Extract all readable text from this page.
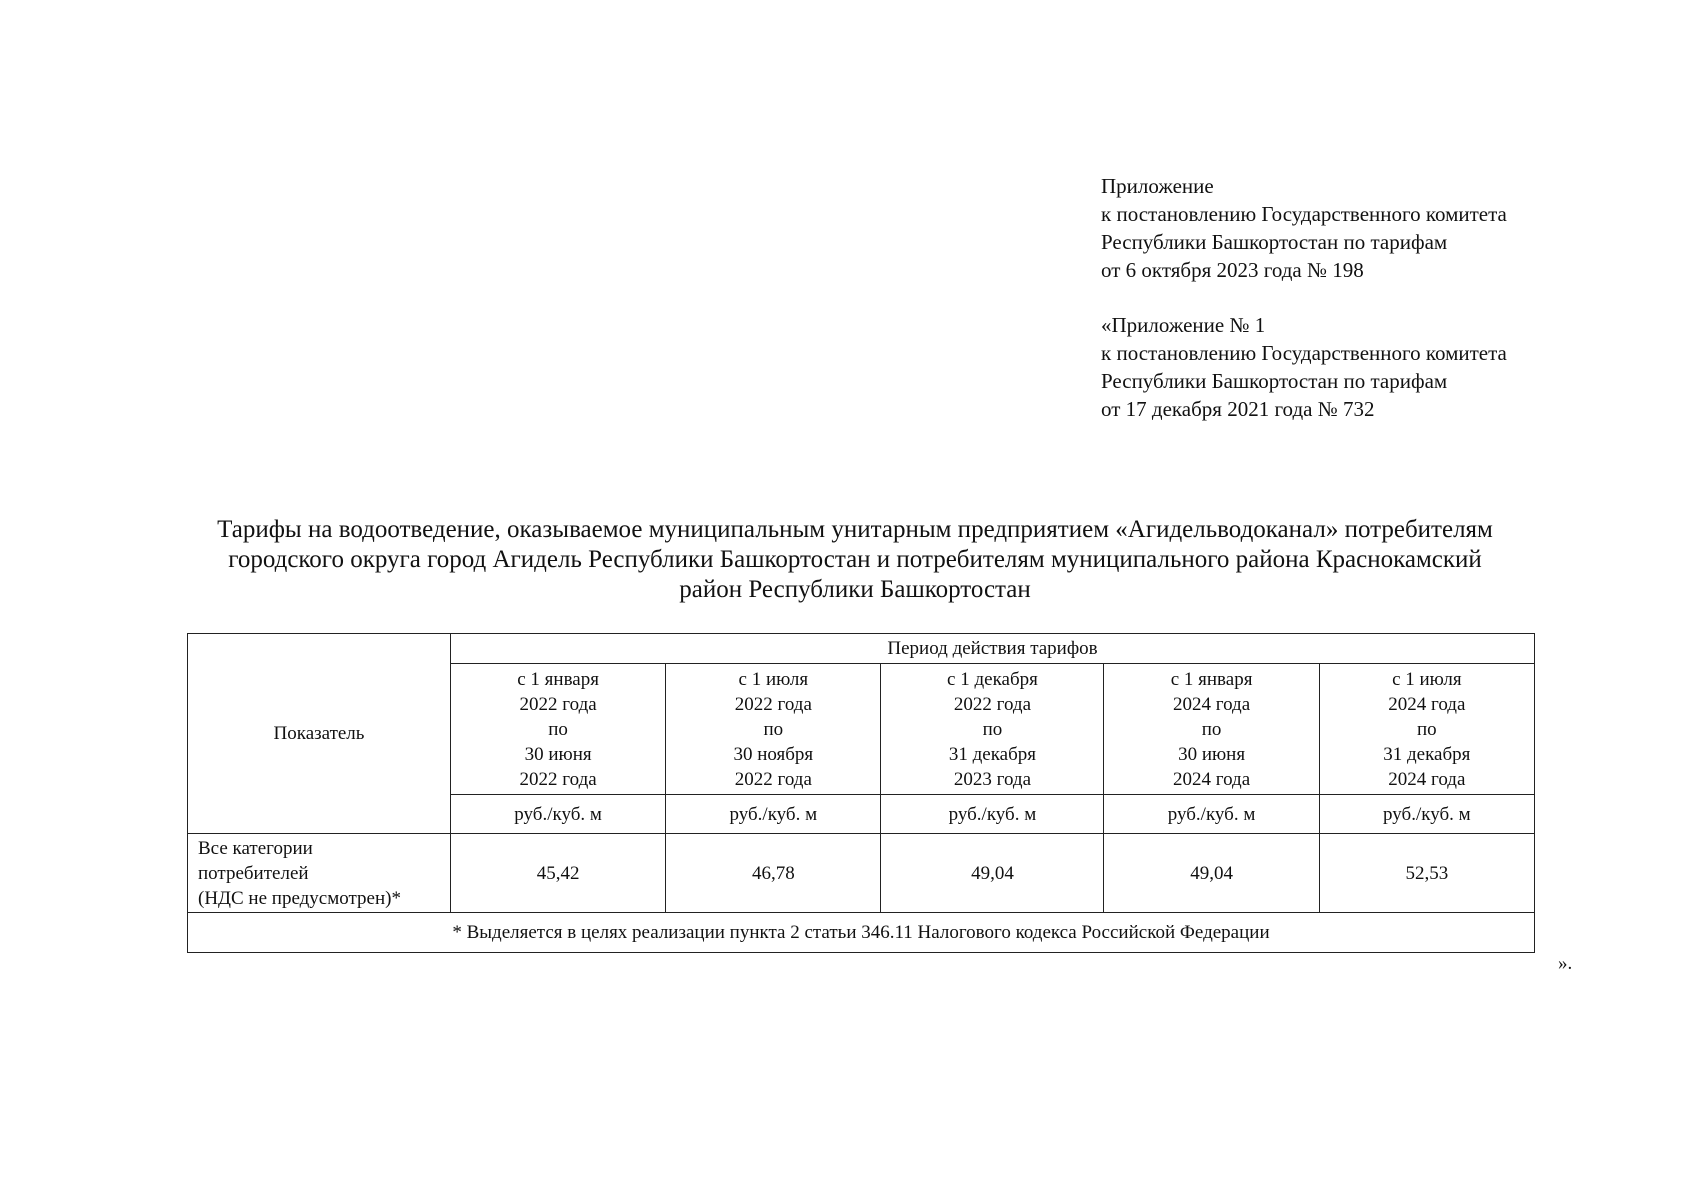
Приложение
к постановлению Государственного комитета
Республики Башкортостан по тарифам
от 6 октября 2023 года № 198
«Приложение № 1
к постановлению Государственного комитета
Республики Башкортостан по тарифам
от 17 декабря 2021 года № 732
Тарифы на водоотведение, оказываемое муниципальным унитарным предприятием «Агидельводоканал» потребителям
городского округа город Агидель Республики Башкортостан и потребителям муниципального района Краснокамский
район Республики Башкортостан
Показатель	Период действия тарифов				

	с 1 января
2022 года
по
30 июня
2022 года	с 1 июля
2022 года
по
30 ноября
2022 года	с 1 декабря
2022 года
по
31 декабря
2023 года	с 1 января
2024 года
по
30 июня
2024 года	с 1 июля
2024 года
по
31 декабря
2024 года

	руб./куб. м	руб./куб. м	руб./куб. м	руб./куб. м	руб./куб. м

Все категории
потребителей
(НДС не предусмотрен)*	45,42	46,78	49,04	49,04	52,53
* Выделяется в целях реализации пункта 2 статьи 346.11 Налогового кодекса Российской Федерации					
».
